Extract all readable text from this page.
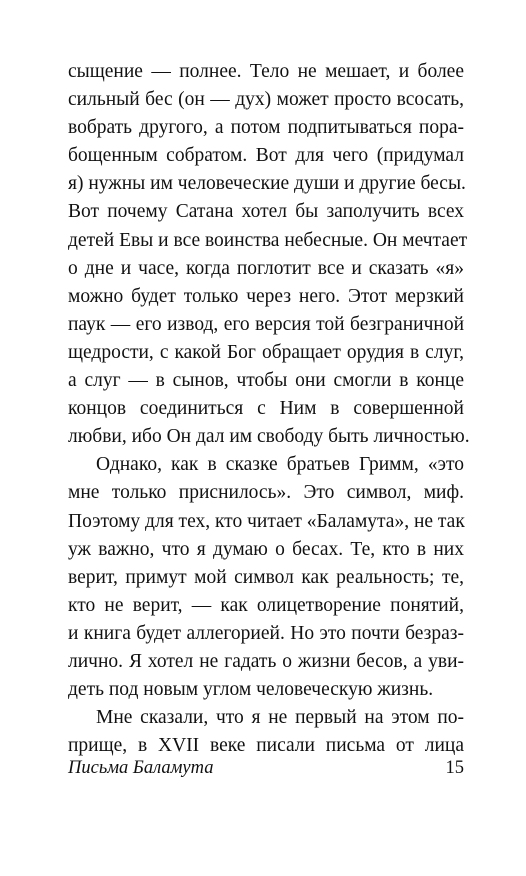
сыщение — полнее. Тело не мешает, и более
сильный бес (он — дух) может просто всосать,
вобрать другого, а потом подпитываться пора-
бощенным собратом. Вот для чего (придумал
я) нужны им человеческие души и другие бесы.
Вот почему Сатана хотел бы заполучить всех
детей Евы и все воинства небесные. Он мечтает
о дне и часе, когда поглотит все и сказать «я»
можно будет только через него. Этот мерзкий
паук — его извод, его версия той безграничной
щедрости, с какой Бог обращает орудия в слуг,
а слуг — в сынов, чтобы они смогли в конце
концов соединиться с Ним в совершенной
любви, ибо Он дал им свободу быть личностью.
Однако, как в сказке братьев Гримм, «это
мне только приснилось». Это символ, миф.
Поэтому для тех, кто читает «Баламута», не так
уж важно, что я думаю о бесах. Те, кто в них
верит, примут мой символ как реальность; те,
кто не верит, — как олицетворение понятий,
и книга будет аллегорией. Но это почти безраз-
лично. Я хотел не гадать о жизни бесов, а уви-
деть под новым углом человеческую жизнь.
Мне сказали, что я не первый на этом по-
прище, в XVII веке писали письма от лица
Письма Баламута	15
